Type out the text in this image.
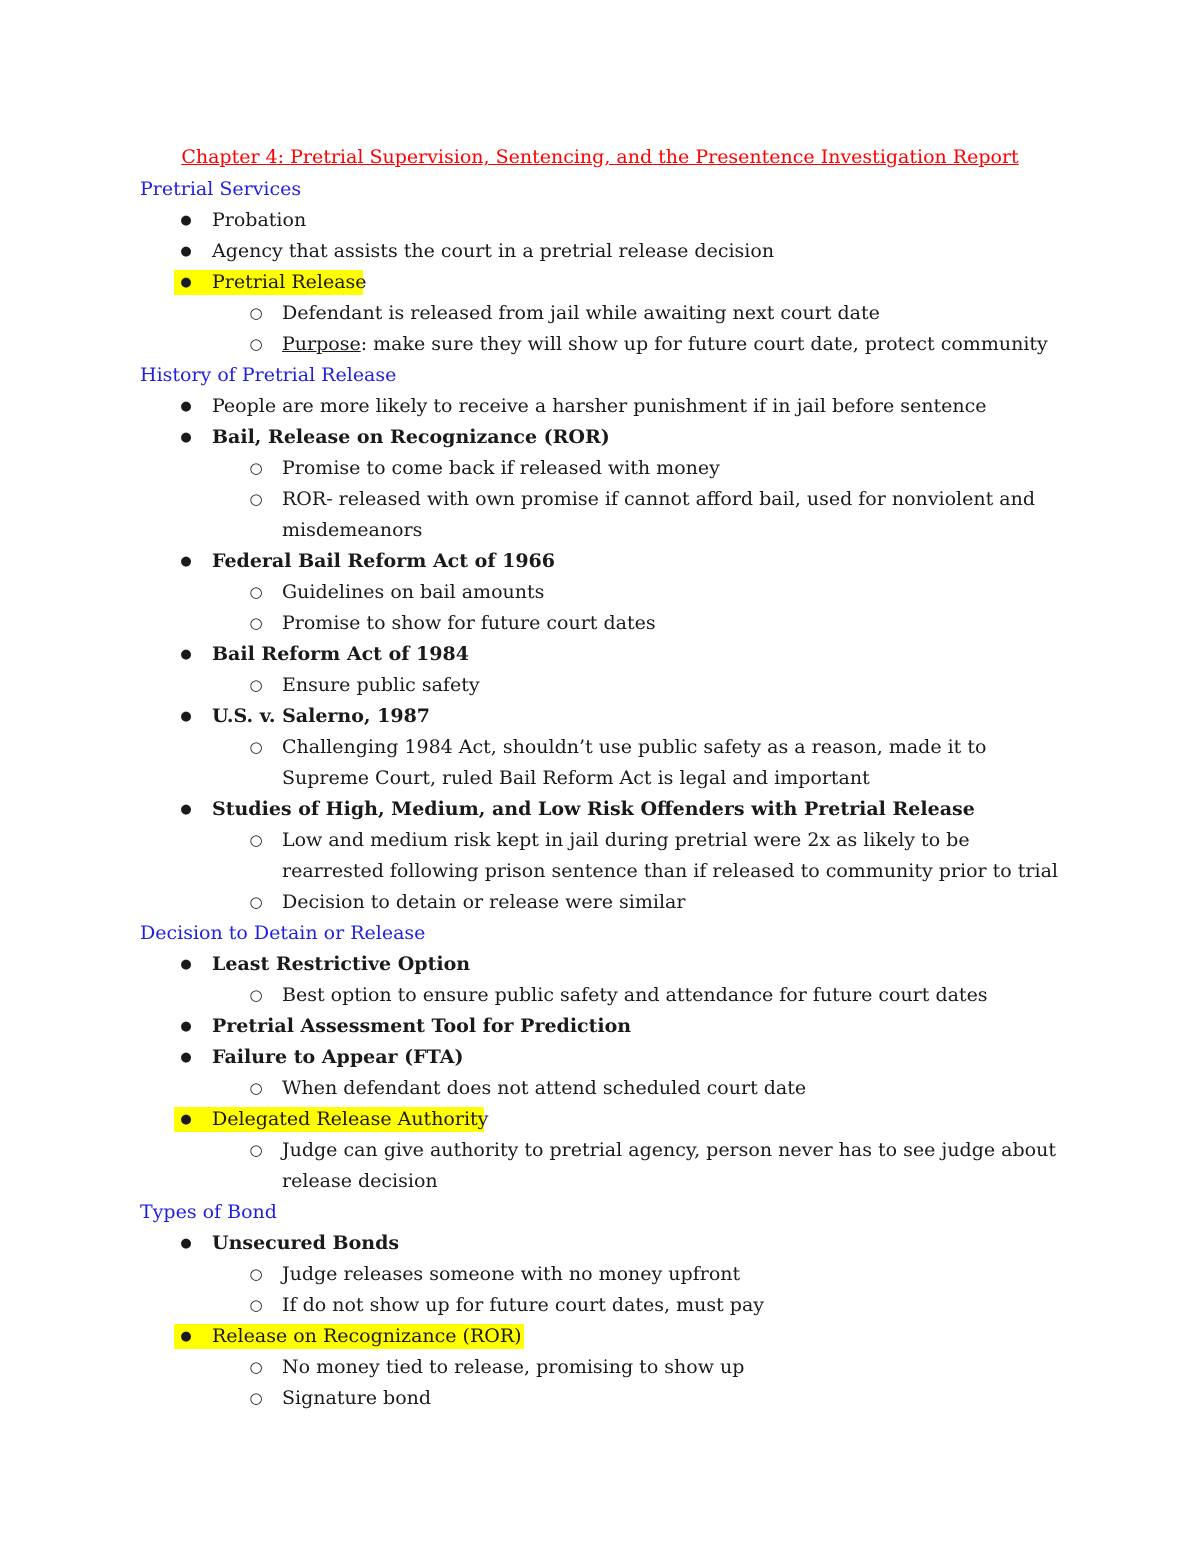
Chapter 4: Pretrial Supervision, Sentencing, and the Presentence Investigation Report
Pretrial Services
●	Probation
●	Agency that assists the court in a pretrial release decision
●	Pretrial Release
○ Defendant is released from jail while awaiting next court date
○ Purpose: make sure they will show up for future court date, protect community
History of Pretrial Release
●	People are more likely to receive a harsher punishment if in jail before sentence
●	Bail, Release on Recognizance (ROR)
○ Promise to come back if released with money
○ ROR- released with own promise if cannot afford bail, used for nonviolent and misdemeanors
●	Federal Bail Reform Act of 1966
○ Guidelines on bail amounts
○ Promise to show for future court dates
●	Bail Reform Act of 1984
○ Ensure public safety
●	U.S. v. Salerno, 1987
○ Challenging 1984 Act, shouldn’t use public safety as a reason, made it to Supreme Court, ruled Bail Reform Act is legal and important
●	Studies of High, Medium, and Low Risk Offenders with Pretrial Release
○ Low and medium risk kept in jail during pretrial were 2x as likely to be rearrested following prison sentence than if released to community prior to trial
○ Decision to detain or release were similar
Decision to Detain or Release
●	Least Restrictive Option
○ Best option to ensure public safety and attendance for future court dates
●	Pretrial Assessment Tool for Prediction
●	Failure to Appear (FTA)
○ When defendant does not attend scheduled court date
●	Delegated Release Authority
○ Judge can give authority to pretrial agency, person never has to see judge about release decision
Types of Bond
●	Unsecured Bonds
○ Judge releases someone with no money upfront
○ If do not show up for future court dates, must pay
●	Release on Recognizance (ROR)
○ No money tied to release, promising to show up
○ Signature bond
